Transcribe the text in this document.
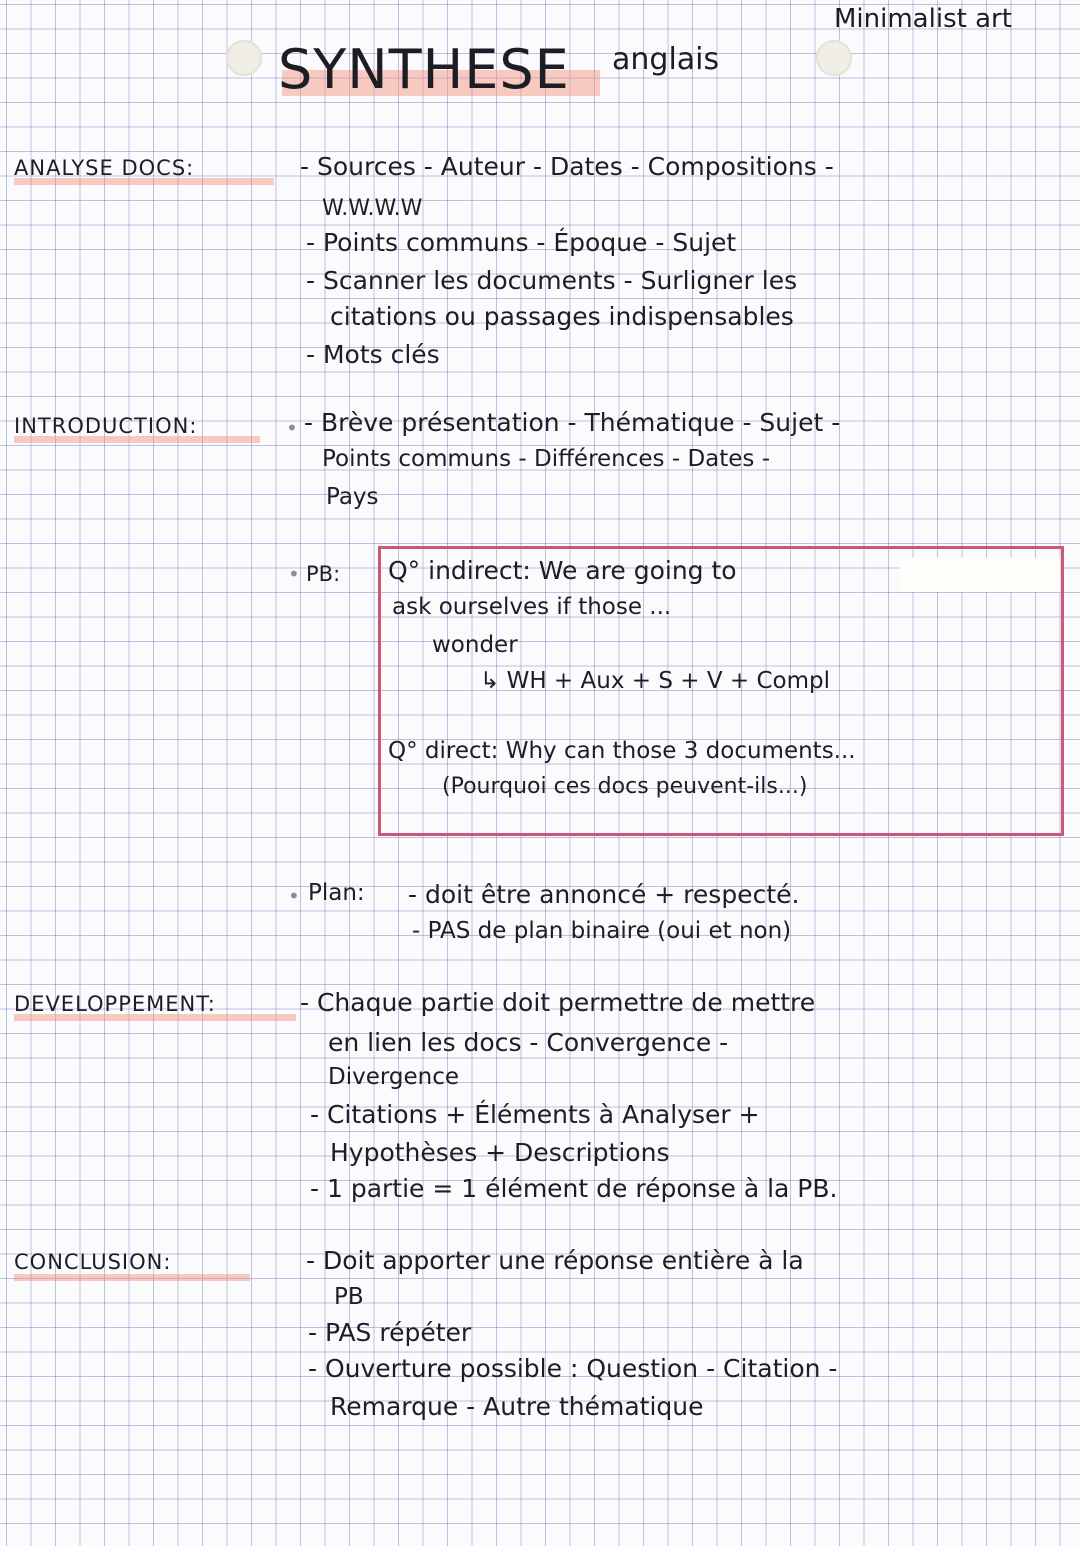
SYNTHESE anglais
Minimalist art
ANALYSE DOCS:	- Sources - Auteur - Dates - Compositions -
W.W.W.W
- Points communs - Époque - Sujet
- Scanner les documents - Surligner les
citations ou passages indispensables
- Mots clés
INTRODUCTION:	• - Brève présentation - Thématique - Sujet -
Points communs - Différences - Dates -
Pays
• PB: Q° indirect: We are going to
ask ourselves if those ...
wonder
↳ WH + Aux + S + V + Compl
Q° direct: Why can those 3 documents...
(Pourquoi ces docs peuvent-ils...)
• Plan: - doit être annoncé + respecté.
- PAS de plan binaire (oui et non)
DEVELOPPEMENT:	- Chaque partie doit permettre de mettre
en lien les docs - Convergence -
Divergence
- Citations + Éléments à Analyser +
Hypothèses + Descriptions
- 1 partie = 1 élément de réponse à la PB.
CONCLUSION:	- Doit apporter une réponse entière à la
PB
- PAS répéter
- Ouverture possible : Question - Citation -
Remarque - Autre thématique
